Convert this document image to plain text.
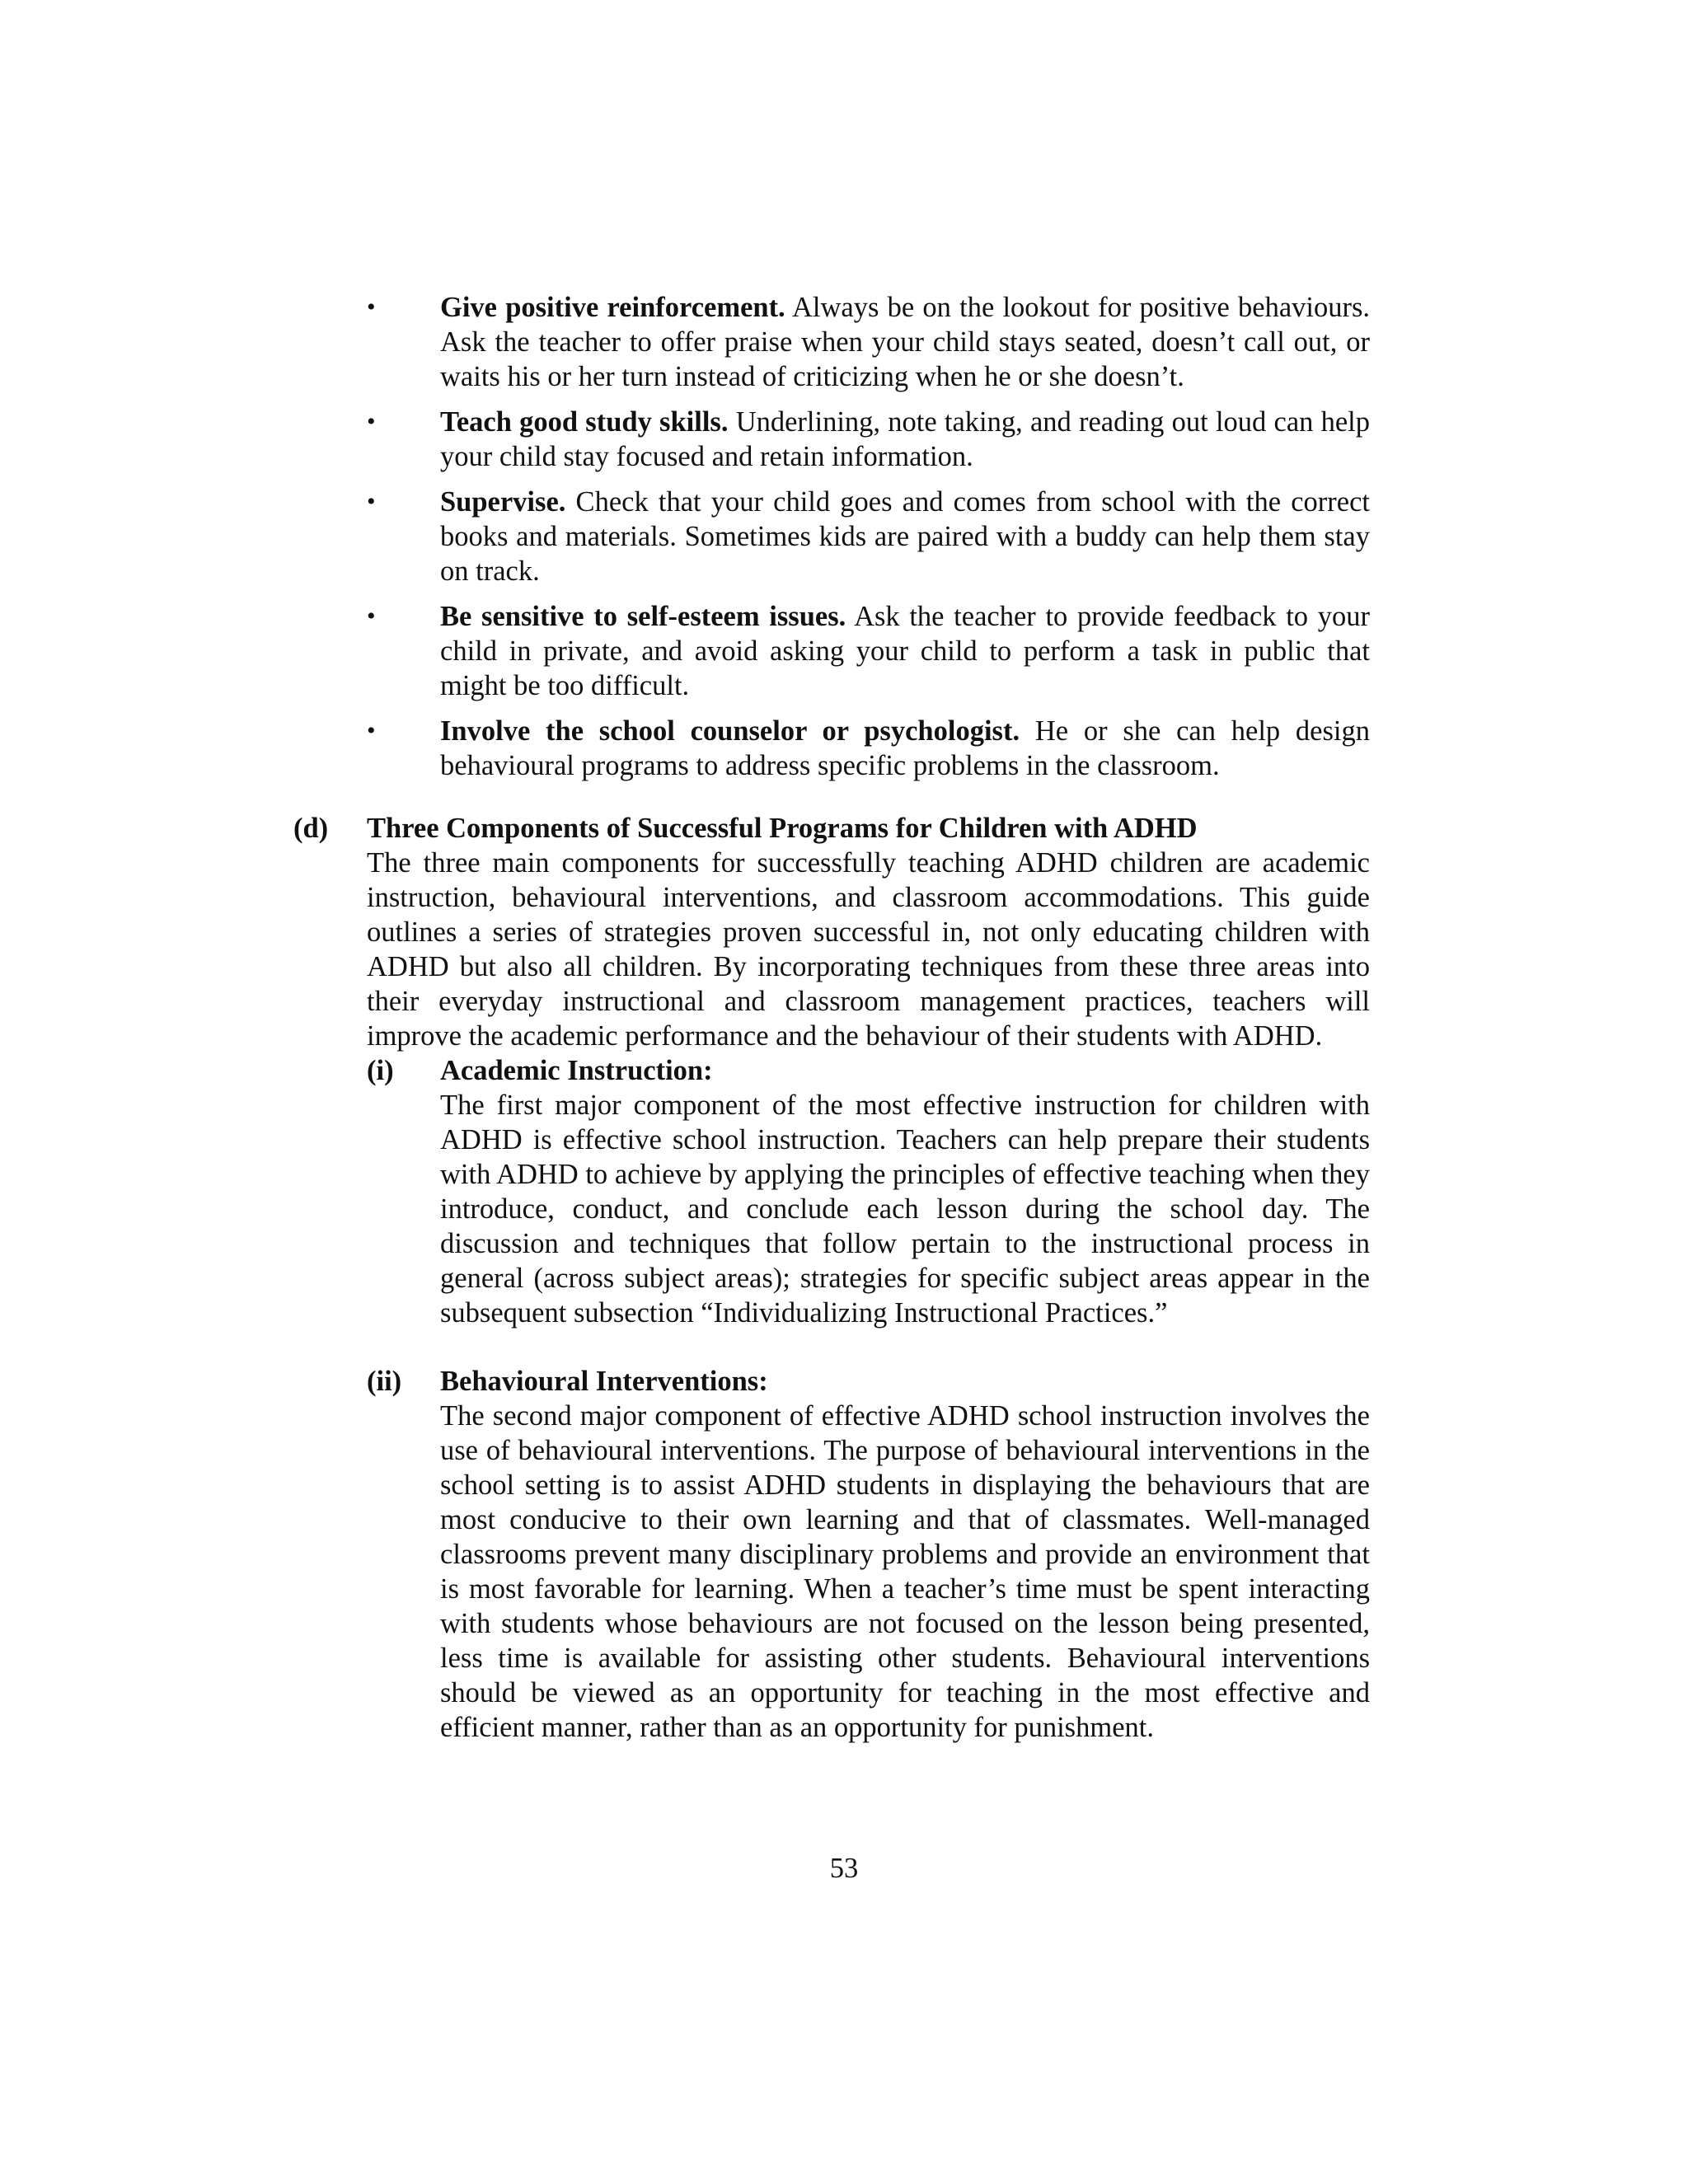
•	Give positive reinforcement. Always be on the lookout for positive behaviours. Ask the teacher to offer praise when your child stays seated, doesn’t call out, or waits his or her turn instead of criticizing when he or she doesn’t.
•	Teach good study skills. Underlining, note taking, and reading out loud can help your child stay focused and retain information.
•	Supervise. Check that your child goes and comes from school with the correct books and materials. Sometimes kids are paired with a buddy can help them stay on track.
•	Be sensitive to self-esteem issues. Ask the teacher to provide feedback to your child in private, and avoid asking your child to perform a task in public that might be too difficult.
•	Involve the school counselor or psychologist. He or she can help design behavioural programs to address specific problems in the classroom.
(d) Three Components of Successful Programs for Children with ADHD

The three main components for successfully teaching ADHD children are academic instruction, behavioural interventions, and classroom accommodations. This guide outlines a series of strategies proven successful in, not only educating children with ADHD but also all children. By incorporating techniques from these three areas into their everyday instructional and classroom management practices, teachers will improve the academic performance and the behaviour of their students with ADHD.

(i) Academic Instruction:

The first major component of the most effective instruction for children with ADHD is effective school instruction. Teachers can help prepare their students with ADHD to achieve by applying the principles of effective teaching when they introduce, conduct, and conclude each lesson during the school day. The discussion and techniques that follow pertain to the instructional process in general (across subject areas); strategies for specific subject areas appear in the subsequent subsection “Individualizing Instructional Practices.”

(ii) Behavioural Interventions:

The second major component of effective ADHD school instruction involves the use of behavioural interventions. The purpose of behavioural interventions in the school setting is to assist ADHD students in displaying the behaviours that are most conducive to their own learning and that of classmates. Well-managed classrooms prevent many disciplinary problems and provide an environment that is most favorable for learning. When a teacher’s time must be spent interacting with students whose behaviours are not focused on the lesson being presented, less time is available for assisting other students. Behavioural interventions should be viewed as an opportunity for teaching in the most effective and efficient manner, rather than as an opportunity for punishment.

53
